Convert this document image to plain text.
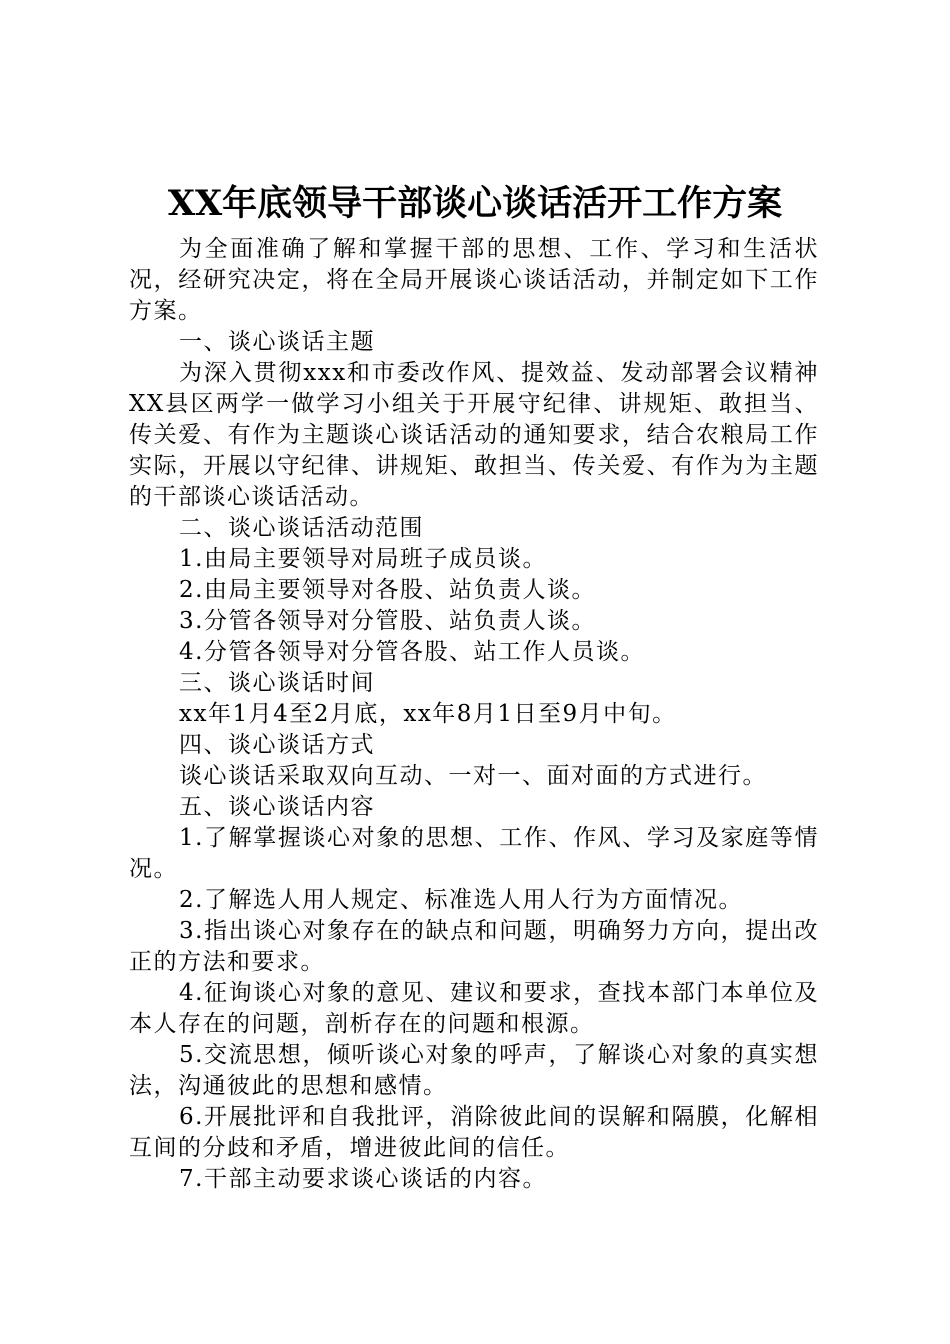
XX年底领导干部谈心谈话活开工作方案

为全面准确了解和掌握干部的思想、工作、学习和生活状况，经研究决定，将在全局开展谈心谈话活动，并制定如下工作方案。

一、谈心谈话主题

为深入贯彻xxx和市委改作风、提效益、发动部署会议精神XX县区两学一做学习小组关于开展守纪律、讲规矩、敢担当、传关爱、有作为主题谈心谈话活动的通知要求，结合农粮局工作实际，开展以守纪律、讲规矩、敢担当、传关爱、有作为为主题的干部谈心谈话活动。

二、谈心谈话活动范围

1.由局主要领导对局班子成员谈。

2.由局主要领导对各股、站负责人谈。

3.分管各领导对分管股、站负责人谈。

4.分管各领导对分管各股、站工作人员谈。

三、谈心谈话时间

xx年1月4至2月底，xx年8月1日至9月中旬。

四、谈心谈话方式

谈心谈话采取双向互动、一对一、面对面的方式进行。

五、谈心谈话内容

1.了解掌握谈心对象的思想、工作、作风、学习及家庭等情况。

2.了解选人用人规定、标准选人用人行为方面情况。

3.指出谈心对象存在的缺点和问题，明确努力方向，提出改正的方法和要求。

4.征询谈心对象的意见、建议和要求，查找本部门本单位及本人存在的问题，剖析存在的问题和根源。

5.交流思想，倾听谈心对象的呼声，了解谈心对象的真实想法，沟通彼此的思想和感情。

6.开展批评和自我批评，消除彼此间的误解和隔膜，化解相互间的分歧和矛盾，增进彼此间的信任。

7.干部主动要求谈心谈话的内容。
